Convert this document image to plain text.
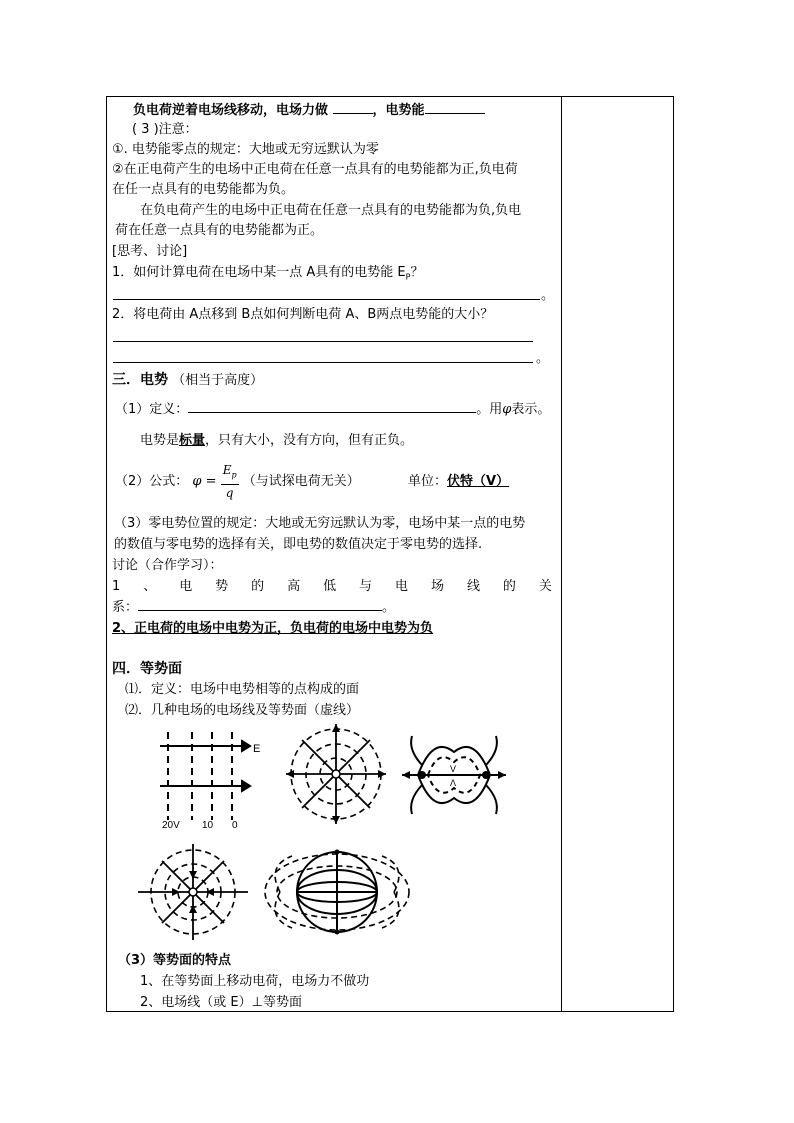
负电荷逆着电场线移动，电场力做	，电势能
( 3 )注意：
①. 电势能零点的规定：大地或无穷远默认为零
②在正电荷产生的电场中正电荷在任意一点具有的电势能都为正,负电荷
在任一点具有的电势能都为负。
在负电荷产生的电场中正电荷在任意一点具有的电势能都为负,负电
荷在任意一点具有的电势能都为正。
[思考、讨论]
1．如何计算电荷在电场中某一点 A具有的电势能 $E_P$？
。
2．将电荷由 A点移到 B点如何判断电荷 A、B两点电势能的大小？
。
三．电势 （相当于高度）
（1）定义：	。用φ表示。
电势是标量，只有大小，没有方向，但有正负。
（2）公式： $\varphi = \frac{E_p}{q}$ （与试探电荷无关）	单位：伏特（V）
（3）零电势位置的规定：大地或无穷远默认为零，电场中某一点的电势
的数值与零电势的选择有关，即电势的数值决定于零电势的选择.
讨论（合作学习）：
1 、 电 势 的 高 低 与 电 场 线 的 关
系：	。
2、正电荷的电场中电势为正，负电荷的电场中电势为负
四．等势面
⑴．定义：电场中电势相等的点构成的面
⑵．几种电场的电场线及等势面（虚线）
E
20V 10 0
V
Λ
（3）等势面的特点
1、在等势面上移动电荷，电场力不做功
2、电场线（或 E）⊥等势面
